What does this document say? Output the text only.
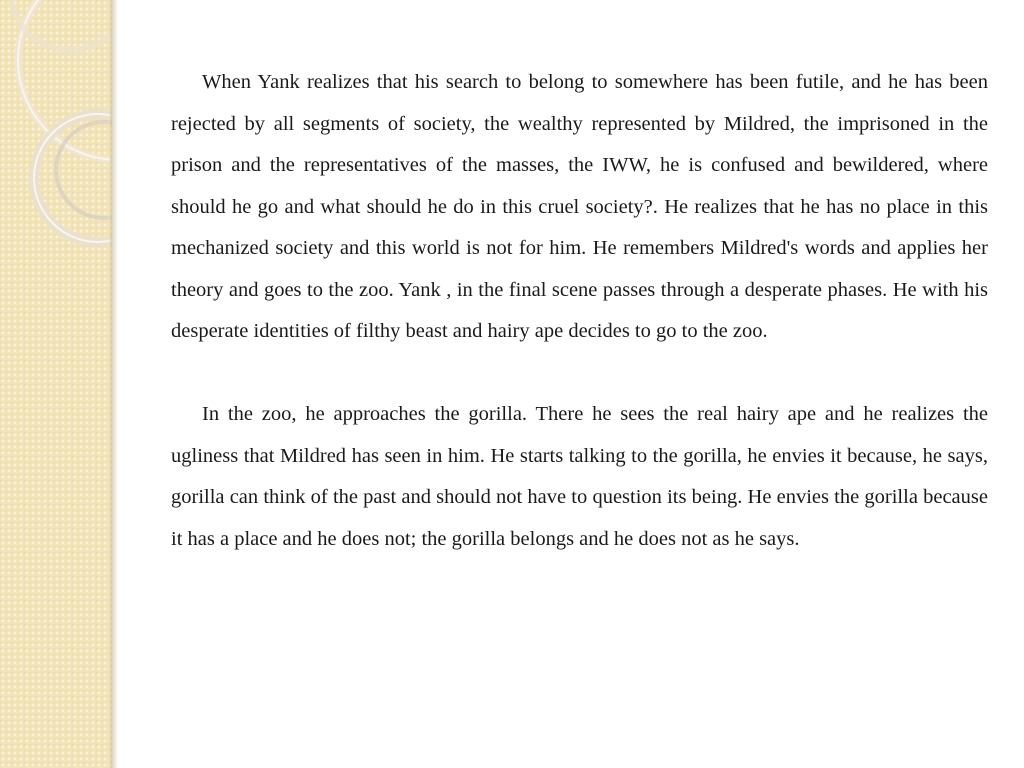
When Yank realizes that his search to belong to somewhere has been futile, and he has been rejected by all segments of society, the wealthy represented by Mildred, the imprisoned in the prison and the representatives of the masses, the IWW, he is confused and bewildered, where should he go and what should he do in this cruel society?. He realizes that he has no place in this mechanized society and this world is not for him. He remembers Mildred's words and applies her theory and goes to the zoo. Yank , in the final scene passes through a desperate phases. He with his desperate identities of filthy beast and hairy ape decides to go to the zoo.

In the zoo, he approaches the gorilla. There he sees the real hairy ape and he realizes the ugliness that Mildred has seen in him. He starts talking to the gorilla, he envies it because, he says, gorilla can think of the past and should not have to question its being. He envies the gorilla because it has a place and he does not; the gorilla belongs and he does not as he says.
